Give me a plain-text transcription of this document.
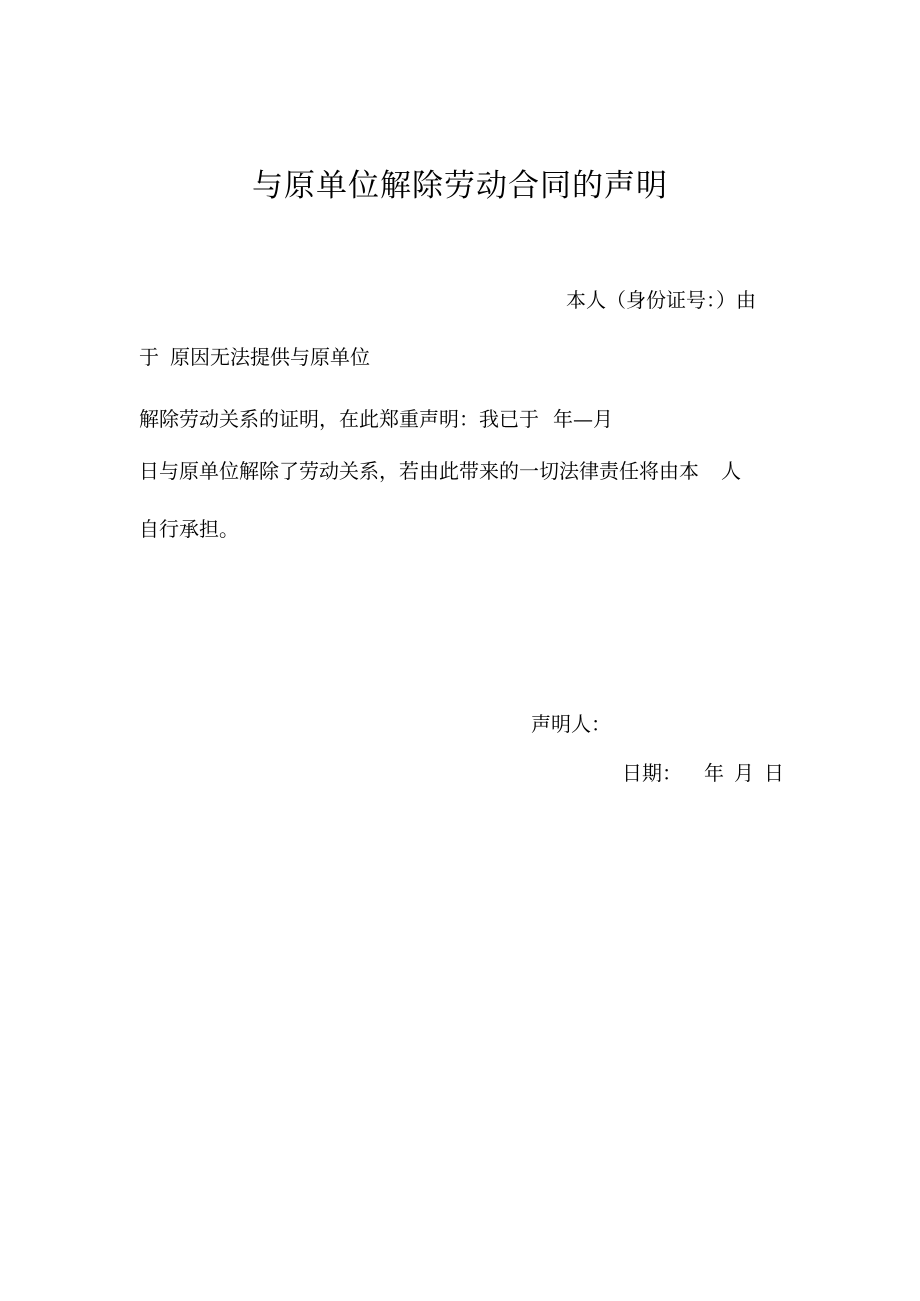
与原单位解除劳动合同的声明
本人（身份证号：）由
于 原因无法提供与原单位
解除劳动关系的证明，在此郑重声明：我已于 年—月
日与原单位解除了劳动关系，若由此带来的一切法律责任将由本 人
自行承担。
声明人：
日期： 年 月 日
